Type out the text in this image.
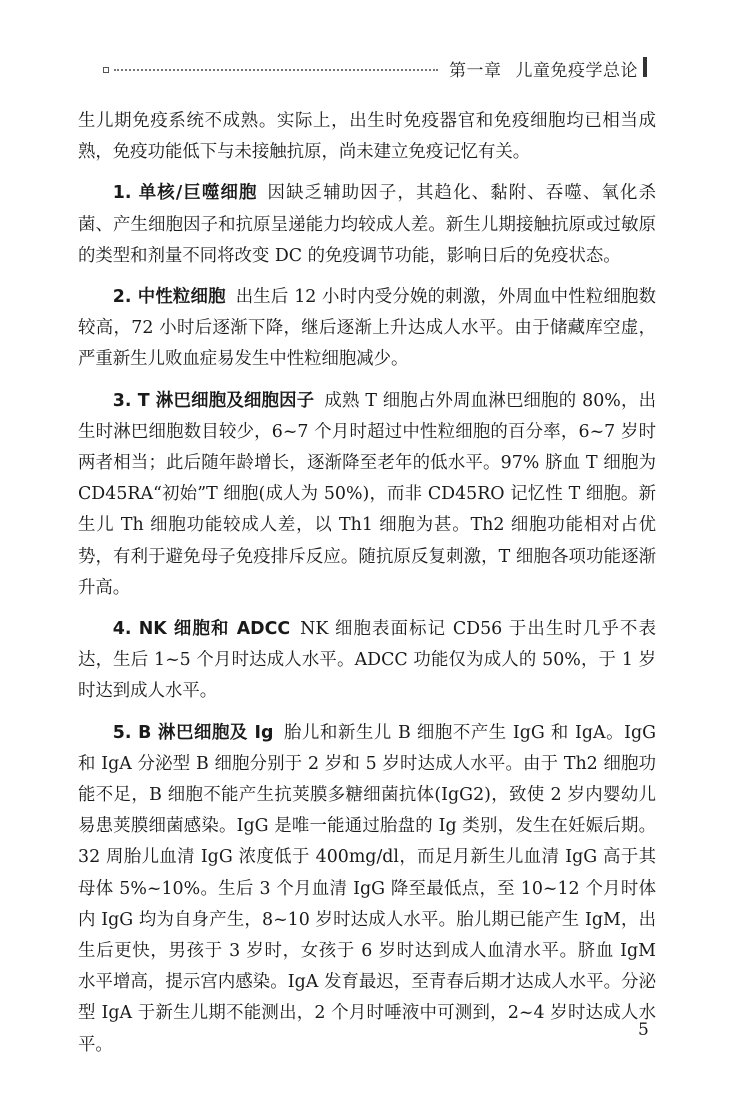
第一章 儿童免疫学总论

生儿期免疫系统不成熟。实际上，出生时免疫器官和免疫细胞均已相当成熟，免疫功能低下与未接触抗原，尚未建立免疫记忆有关。

1. 单核/巨噬细胞 因缺乏辅助因子，其趋化、黏附、吞噬、氧化杀菌、产生细胞因子和抗原呈递能力均较成人差。新生儿期接触抗原或过敏原的类型和剂量不同将改变 DC 的免疫调节功能，影响日后的免疫状态。

2. 中性粒细胞 出生后 12 小时内受分娩的刺激，外周血中性粒细胞数较高，72 小时后逐渐下降，继后逐渐上升达成人水平。由于储藏库空虚，严重新生儿败血症易发生中性粒细胞减少。

3. T 淋巴细胞及细胞因子 成熟 T 细胞占外周血淋巴细胞的 80%，出生时淋巴细胞数目较少，6~7 个月时超过中性粒细胞的百分率，6~7 岁时两者相当；此后随年龄增长，逐渐降至老年的低水平。97% 脐血 T 细胞为 CD45RA“初始”T 细胞(成人为 50%)，而非 CD45RO 记忆性 T 细胞。新生儿 Th 细胞功能较成人差，以 Th1 细胞为甚。Th2 细胞功能相对占优势，有利于避免母子免疫排斥反应。随抗原反复刺激，T 细胞各项功能逐渐升高。

4. NK 细胞和 ADCC NK 细胞表面标记 CD56 于出生时几乎不表达，生后 1~5 个月时达成人水平。ADCC 功能仅为成人的 50%，于 1 岁时达到成人水平。

5. B 淋巴细胞及 Ig 胎儿和新生儿 B 细胞不产生 IgG 和 IgA。IgG 和 IgA 分泌型 B 细胞分别于 2 岁和 5 岁时达成人水平。由于 Th2 细胞功能不足，B 细胞不能产生抗荚膜多糖细菌抗体(IgG2)，致使 2 岁内婴幼儿易患荚膜细菌感染。IgG 是唯一能通过胎盘的 Ig 类别，发生在妊娠后期。32 周胎儿血清 IgG 浓度低于 400mg/dl，而足月新生儿血清 IgG 高于其母体 5%~10%。生后 3 个月血清 IgG 降至最低点，至 10~12 个月时体内 IgG 均为自身产生，8~10 岁时达成人水平。胎儿期已能产生 IgM，出生后更快，男孩于 3 岁时，女孩于 6 岁时达到成人血清水平。脐血 IgM 水平增高，提示宫内感染。IgA 发育最迟，至青春后期才达成人水平。分泌型 IgA 于新生儿期不能测出，2 个月时唾液中可测到，2~4 岁时达成人水平。

5
